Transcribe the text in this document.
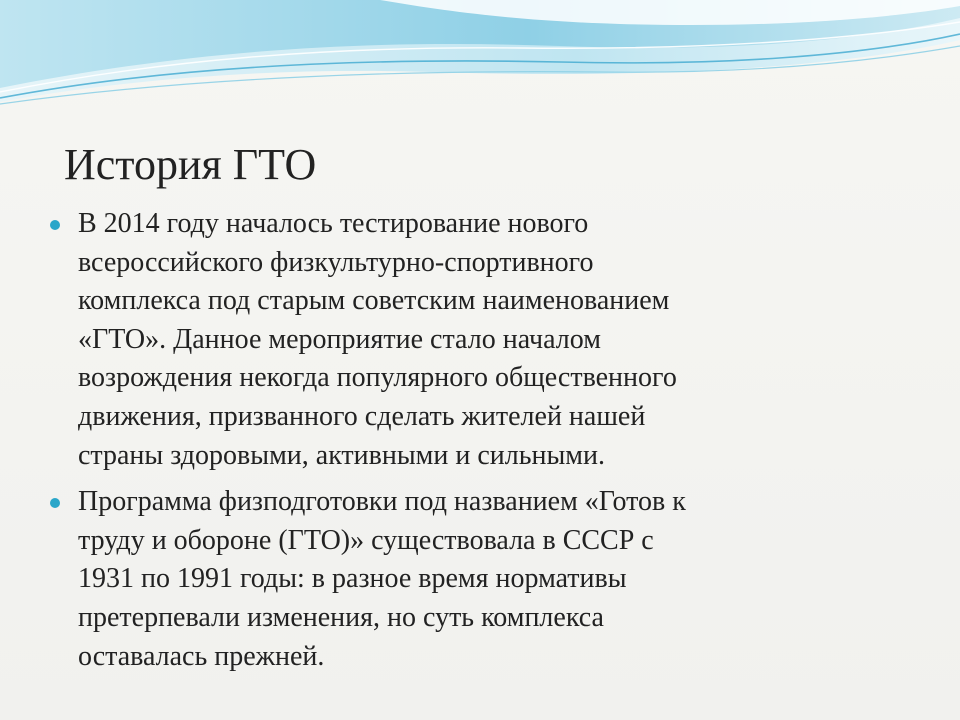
История ГТО
В 2014 году началось тестирование нового
всероссийского физкультурно-спортивного
комплекса под старым советским наименованием
«ГТО». Данное мероприятие стало началом
возрождения некогда популярного общественного
движения, призванного сделать жителей нашей
страны здоровыми, активными и сильными.
Программа физподготовки под названием «Готов к
труду и обороне (ГТО)» существовала в СССР с
1931 по 1991 годы: в разное время нормативы
претерпевали изменения, но суть комплекса
оставалась прежней.
